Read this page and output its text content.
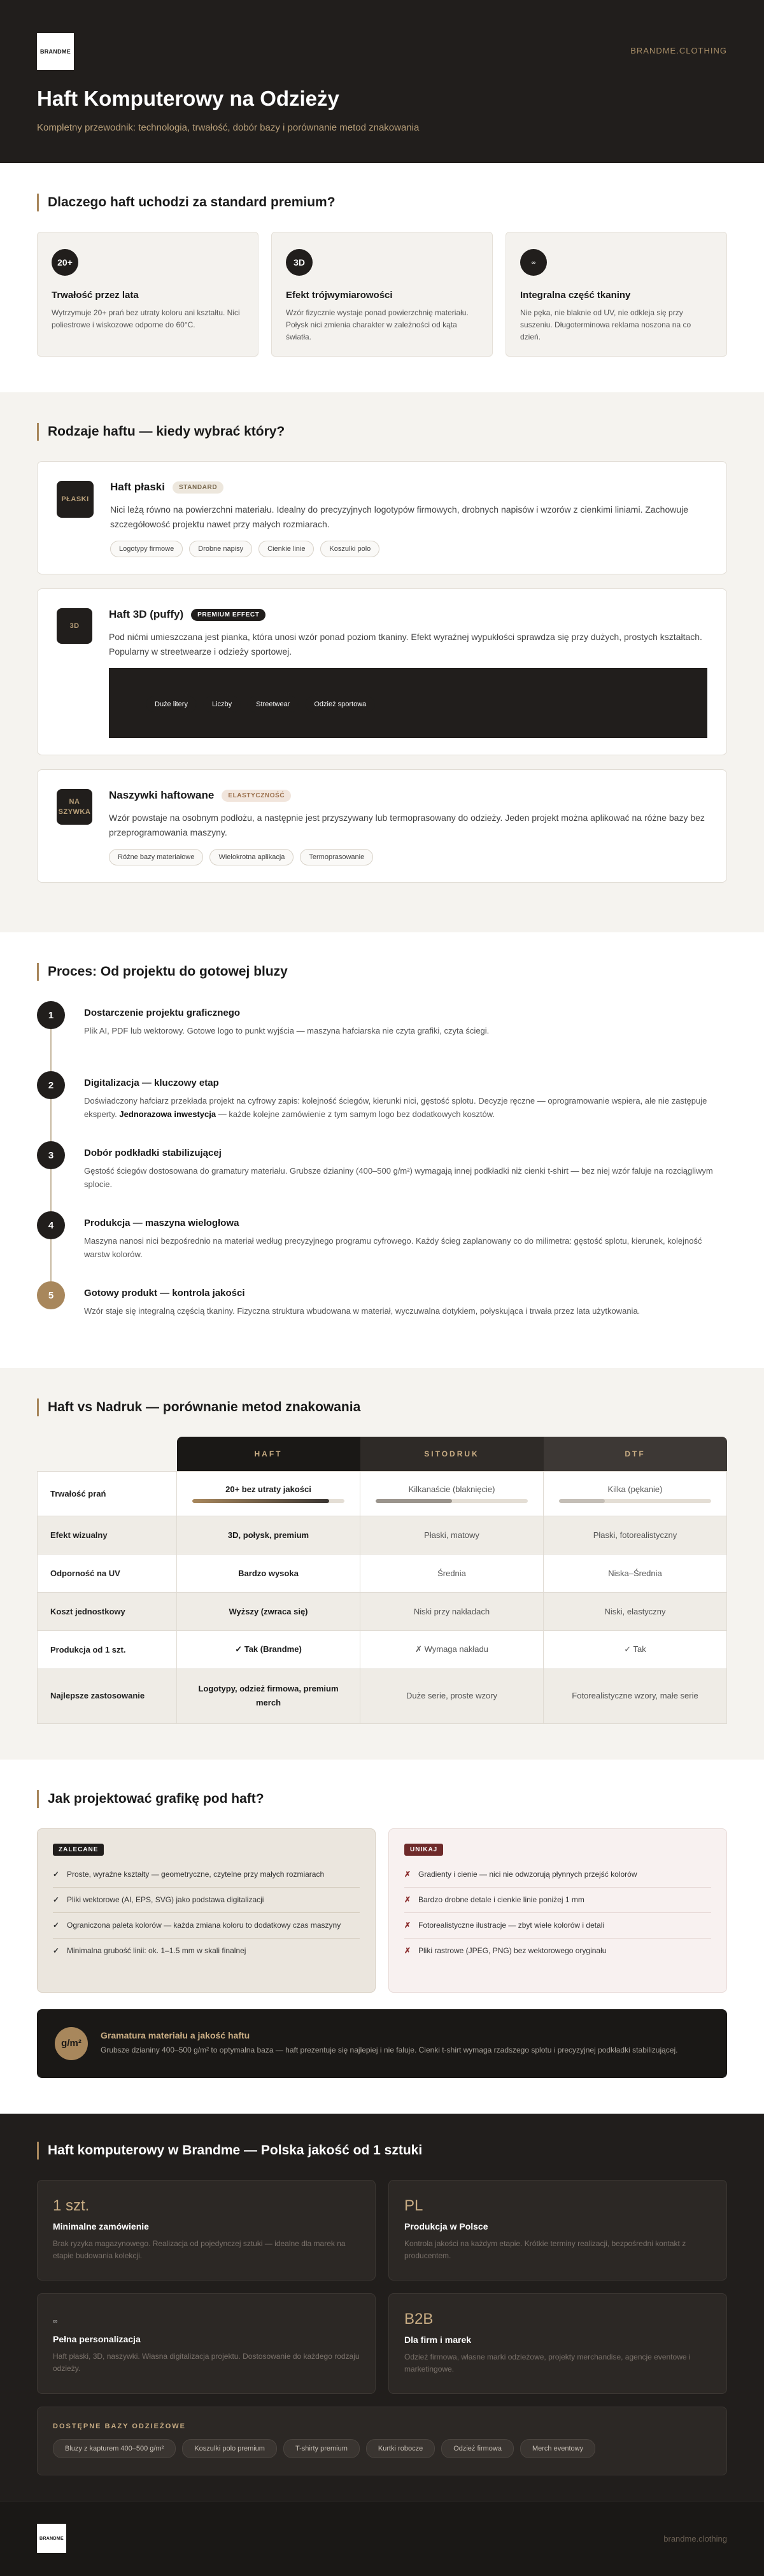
BRANDME	BRANDME.CLOTHING
Haft Komputerowy na Odzieży

Kompletny przewodnik: technologia, trwałość, dobór bazy i porównanie metod znakowania

Dlaczego haft uchodzi za standard premium?
20+
Trwałość przez lata

Wytrzymuje 20+ prań bez utraty koloru ani kształtu. Nici poliestrowe i wiskozowe odporne do 60°C.

3D
Efekt trójwymiarowości

Wzór fizycznie wystaje ponad powierzchnię materiału. Połysk nici zmienia charakter w zależności od kąta światła.

∞
Integralna część tkaniny

Nie pęka, nie blaknie od UV, nie odkleja się przy suszeniu. Długoterminowa reklama noszona na co dzień.

Rodzaje haftu — kiedy wybrać który?
PŁASKI
Haft płaski	STANDARD

Nici leżą równo na powierzchni materiału. Idealny do precyzyjnych logotypów firmowych, drobnych napisów i wzorów z cienkimi liniami. Zachowuje szczegółowość projektu nawet przy małych rozmiarach.

Logotypy firmowe	Drobne napisy	Cienkie linie	Koszulki polo
3D
Haft 3D (puffy)	PREMIUM EFFECT

Pod nićmi umieszczana jest pianka, która unosi wzór ponad poziom tkaniny. Efekt wyraźnej wypukłości sprawdza się przy dużych, prostych kształtach. Popularny w streetwearze i odzieży sportowej.

Duże litery	Liczby	Streetwear	Odzież sportowa
NA SZYWKA
Naszywki haftowane	ELASTYCZNOŚĆ

Wzór powstaje na osobnym podłożu, a następnie jest przyszywany lub termoprasowany do odzieży. Jeden projekt można aplikować na różne bazy bez przeprogramowania maszyny.

Różne bazy materiałowe	Wielokrotna aplikacja	Termoprasowanie
Proces: Od projektu do gotowej bluzy
1	Dostarczenie projektu graficznego

Plik AI, PDF lub wektorowy. Gotowe logo to punkt wyjścia — maszyna hafciarska nie czyta grafiki, czyta ściegi.

2	Digitalizacja — kluczowy etap

Doświadczony hafciarz przekłada projekt na cyfrowy zapis: kolejność ściegów, kierunki nici, gęstość splotu. Decyzje ręczne — oprogramowanie wspiera, ale nie zastępuje eksperty. Jednorazowa inwestycja — każde kolejne zamówienie z tym samym logo bez dodatkowych kosztów.

3	Dobór podkładki stabilizującej

Gęstość ściegów dostosowana do gramatury materiału. Grubsze dzianiny (400–500 g/m²) wymagają innej podkładki niż cienki t-shirt — bez niej wzór faluje na rozciągliwym splocie.

4	Produkcja — maszyna wielogłowa

Maszyna nanosi nici bezpośrednio na materiał według precyzyjnego programu cyfrowego. Każdy ścieg zaplanowany co do milimetra: gęstość splotu, kierunek, kolejność warstw kolorów.

5	Gotowy produkt — kontrola jakości

Wzór staje się integralną częścią tkaniny. Fizyczna struktura wbudowana w materiał, wyczuwalna dotykiem, połyskująca i trwała przez lata użytkowania.

Haft vs Nadruk — porównanie metod znakowania
	HAFT	SITODRUK	DTF
Trwałość prań	20+ bez utraty jakości	Kilkanaście (blaknięcie)	Kilka (pękanie)

Efekt wizualny	3D, połysk, premium	Płaski, matowy	Płaski, fotorealistyczny
Odporność na UV	Bardzo wysoka	Średnia	Niska–Średnia
Koszt jednostkowy	Wyższy (zwraca się)	Niski przy nakładach	Niski, elastyczny
Produkcja od 1 szt.	✓ Tak (Brandme)	✗ Wymaga nakładu	✓ Tak
Najlepsze zastosowanie	Logotypy, odzież firmowa, premium merch	Duże serie, proste wzory	Fotorealistyczne wzory, małe serie
Jak projektować grafikę pod haft?
ZALECANE
✓ Proste, wyraźne kształty — geometryczne, czytelne przy małych rozmiarach
✓ Pliki wektorowe (AI, EPS, SVG) jako podstawa digitalizacji
✓ Ograniczona paleta kolorów — każda zmiana koloru to dodatkowy czas maszyny
✓ Minimalna grubość linii: ok. 1–1.5 mm w skali finalnej
UNIKAJ
✗ Gradienty i cienie — nici nie odwzorują płynnych przejść kolorów
✗ Bardzo drobne detale i cienkie linie poniżej 1 mm
✗ Fotorealistyczne ilustracje — zbyt wiele kolorów i detali
✗ Pliki rastrowe (JPEG, PNG) bez wektorowego oryginału
g/m²
Gramatura materiału a jakość haftu

Grubsze dzianiny 400–500 g/m² to optymalna baza — haft prezentuje się najlepiej i nie faluje. Cienki t-shirt wymaga rzadszego splotu i precyzyjnej podkładki stabilizującej.

Haft komputerowy w Brandme — Polska jakość od 1 sztuki
1 szt.
Minimalne zamówienie

Brak ryzyka magazynowego. Realizacja od pojedynczej sztuki — idealne dla marek na etapie budowania kolekcji.

PL
Produkcja w Polsce

Kontrola jakości na każdym etapie. Krótkie terminy realizacji, bezpośredni kontakt z producentem.

∞
Pełna personalizacja

Haft płaski, 3D, naszywki. Własna digitalizacja projektu. Dostosowanie do każdego rodzaju odzieży.

B2B
Dla firm i marek

Odzież firmowa, własne marki odzieżowe, projekty merchandise, agencje eventowe i marketingowe.

DOSTĘPNE BAZY ODZIEŻOWE
Bluzy z kapturem 400–500 g/m²	Koszulki polo premium	T-shirty premium	Kurtki robocze	Odzież firmowa	Merch eventowy
BRANDME	brandme.clothing
